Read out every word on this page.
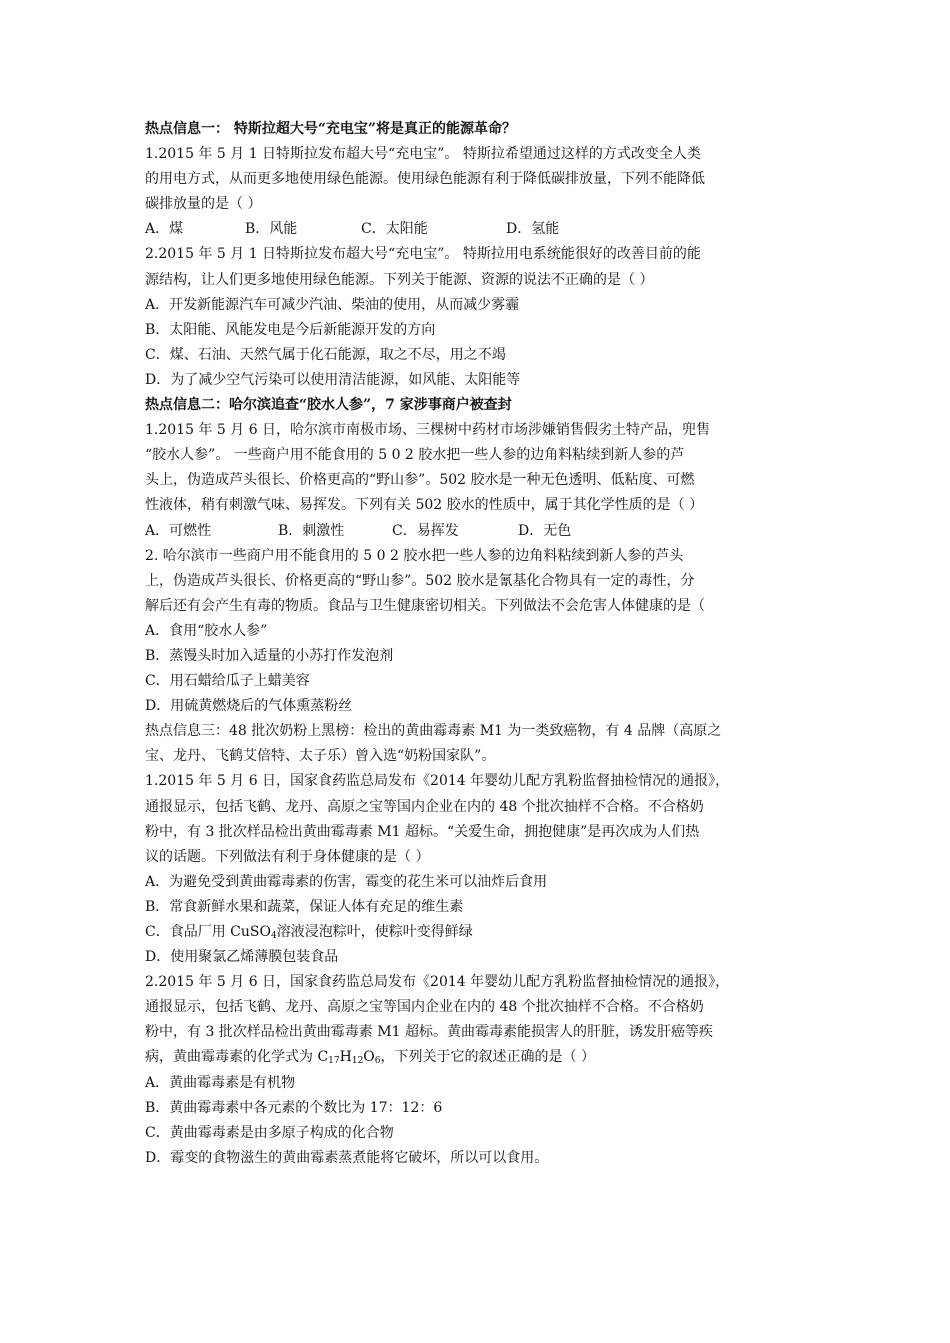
热点信息一： 特斯拉超大号“充电宝”将是真正的能源革命？
1.2015 年 5 月 1 日特斯拉发布超大号“充电宝”。 特斯拉希望通过这样的方式改变全人类
的用电方式，从而更多地使用绿色能源。使用绿色能源有利于降低碳排放量，下列不能降低
碳排放量的是（ ）
A．煤	B．风能	C．太阳能	D．氢能
2.2015 年 5 月 1 日特斯拉发布超大号“充电宝”。 特斯拉用电系统能很好的改善目前的能
源结构，让人们更多地使用绿色能源。下列关于能源、资源的说法不正确的是（ ）
A．开发新能源汽车可减少汽油、柴油的使用，从而减少雾霾
B．太阳能、风能发电是今后新能源开发的方向
C．煤、石油、天然气属于化石能源，取之不尽，用之不竭
D．为了减少空气污染可以使用清洁能源，如风能、太阳能等
热点信息二：哈尔滨追查“胶水人参”，7 家涉事商户被查封
1.2015 年 5 月 6 日，哈尔滨市南极市场、三棵树中药材市场涉嫌销售假劣土特产品，兜售
“胶水人参”。 一些商户用不能食用的 5 0 2 胶水把一些人参的边角料粘续到新人参的芦
头上，伪造成芦头很长、价格更高的“野山参”。502 胶水是一种无色透明、低粘度、可燃
性液体，稍有刺激气味、易挥发。下列有关 502 胶水的性质中，属于其化学性质的是（ ）
A．可燃性	B．刺激性	C．易挥发	D．无色
2. 哈尔滨市一些商户用不能食用的 5 0 2 胶水把一些人参的边角料粘续到新人参的芦头
上，伪造成芦头很长、价格更高的“野山参”。502 胶水是氰基化合物具有一定的毒性，分
解后还有会产生有毒的物质。食品与卫生健康密切相关。下列做法不会危害人体健康的是（
A．食用“胶水人参”
B．蒸馒头时加入适量的小苏打作发泡剂
C．用石蜡给瓜子上蜡美容
D．用硫黄燃烧后的气体熏蒸粉丝
热点信息三：48 批次奶粉上黑榜：检出的黄曲霉毒素 M1 为一类致癌物，有 4 品牌（高原之
宝、龙丹、飞鹤艾倍特、太子乐）曾入选“奶粉国家队”。
1.2015 年 5 月 6 日，国家食药监总局发布《2014 年婴幼儿配方乳粉监督抽检情况的通报》，
通报显示，包括飞鹤、龙丹、高原之宝等国内企业在内的 48 个批次抽样不合格。不合格奶
粉中，有 3 批次样品检出黄曲霉毒素 M1 超标。“关爱生命，拥抱健康”是再次成为人们热
议的话题。下列做法有利于身体健康的是（ ）
A．为避免受到黄曲霉毒素的伤害，霉变的花生米可以油炸后食用
B．常食新鲜水果和蔬菜，保证人体有充足的维生素
C．食品厂用 CuSO$_4$溶液浸泡粽叶，使粽叶变得鲜绿
D．使用聚氯乙烯薄膜包装食品
2.2015 年 5 月 6 日，国家食药监总局发布《2014 年婴幼儿配方乳粉监督抽检情况的通报》，
通报显示，包括飞鹤、龙丹、高原之宝等国内企业在内的 48 个批次抽样不合格。不合格奶
粉中，有 3 批次样品检出黄曲霉毒素 M1 超标。黄曲霉毒素能损害人的肝脏，诱发肝癌等疾
病，黄曲霉毒素的化学式为 $C_{17}H_{12}O_6$，下列关于它的叙述正确的是（ ）
A．黄曲霉毒素是有机物
B．黄曲霉毒素中各元素的个数比为 17：12：6
C．黄曲霉毒素是由多原子构成的化合物
D．霉变的食物滋生的黄曲霉素蒸煮能将它破坏，所以可以食用。
